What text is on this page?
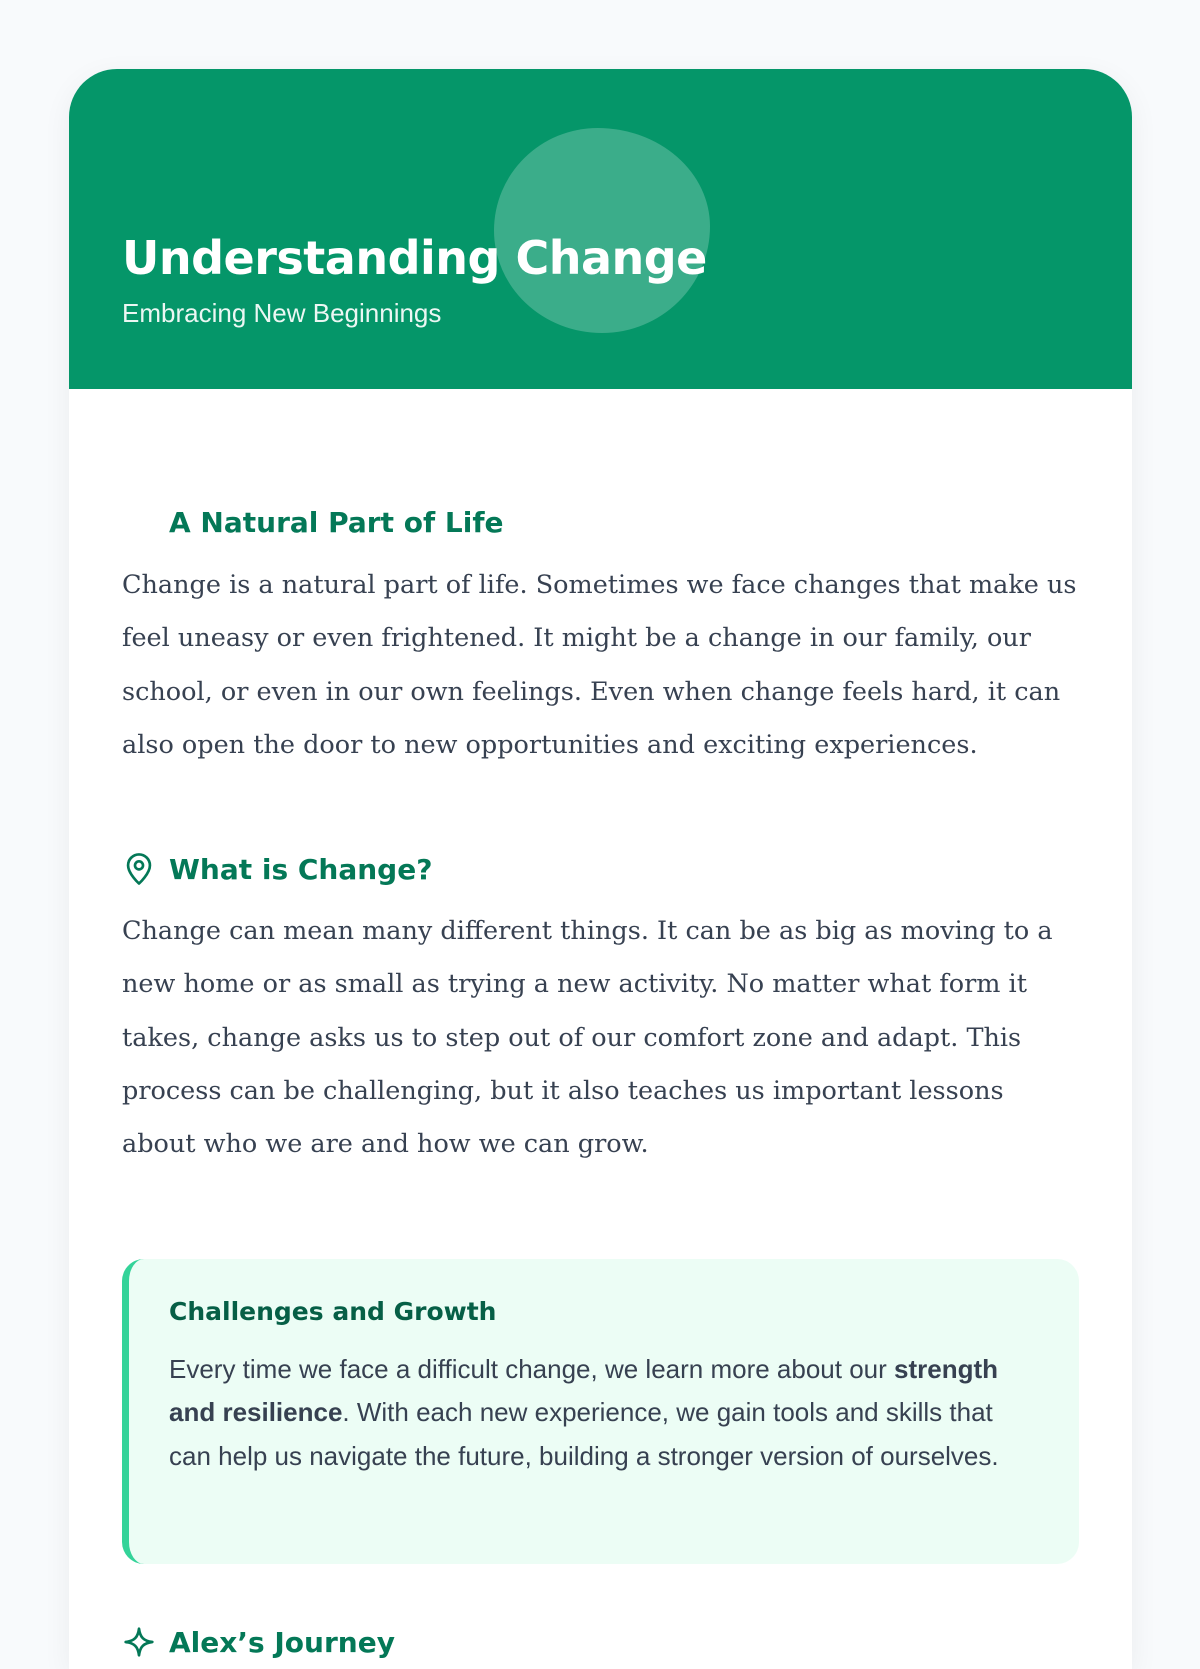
Understanding Change
Embracing New Beginnings
A Natural Part of Life

Change is a natural part of life. Sometimes we face changes that make us feel uneasy or even frightened. It might be a change in our family, our school, or even in our own feelings. Even when change feels hard, it can also open the door to new opportunities and exciting experiences.

What is Change?

Change can mean many different things. It can be as big as moving to a new home or as small as trying a new activity. No matter what form it takes, change asks us to step out of our comfort zone and adapt. This process can be challenging, but it also teaches us important lessons about who we are and how we can grow.

Challenges and Growth

Every time we face a difficult change, we learn more about our strength and resilience. With each new experience, we gain tools and skills that can help us navigate the future, building a stronger version of ourselves.

Alex’s Journey
